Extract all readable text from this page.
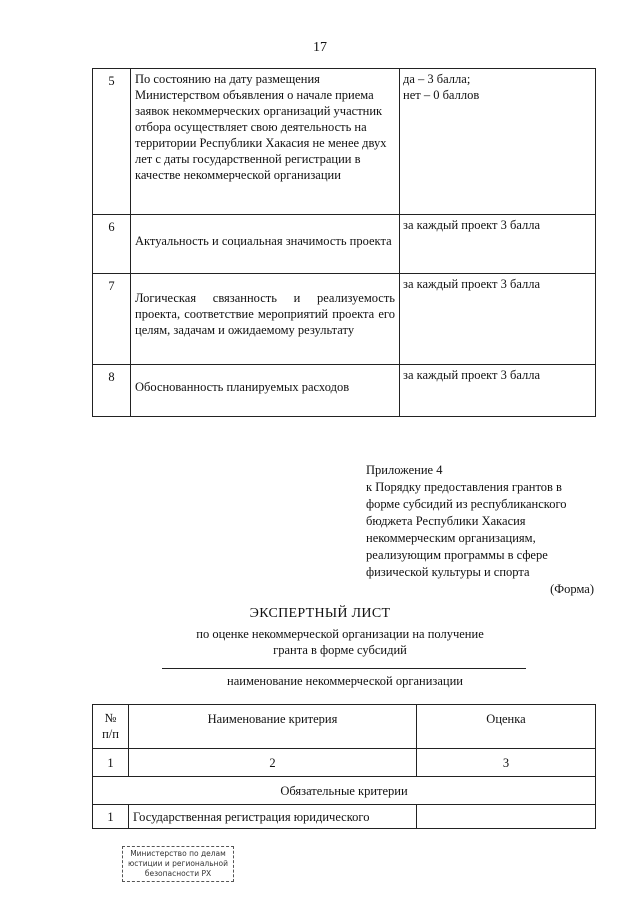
17
5	По состоянию на дату размещения Министерством объявления о начале приема заявок некоммерческих организаций участник отбора осуществляет свою деятельность на территории Республики Хакасия не менее двух лет с даты государственной регистрации в качестве некоммерческой организации	да – 3 балла;
нет – 0 баллов

6	Актуальность и социальная значимость проекта	за каждый проект 3 балла
7	Логическая связанность и реализуемость проекта, соответствие мероприятий проекта его целям, задачам и ожидаемому результату	за каждый проект 3 балла
8	Обоснованность планируемых расходов	за каждый проект 3 балла
Приложение 4
к Порядку предоставления грантов в
форме субсидий из республиканского
бюджета Республики Хакасия
некоммерческим организациям,
реализующим программы в сфере
физической культуры и спорта
(Форма)
ЭКСПЕРТНЫЙ ЛИСТ
по оценке некоммерческой организации на получение
гранта в форме субсидий
наименование некоммерческой организации
№
п/п	Наименование критерия	Оценка
1	2	3
Обязательные критерии		
1	Государственная регистрация юридического	
Министерство по делам
юстиции и региональной
безопасности РХ
